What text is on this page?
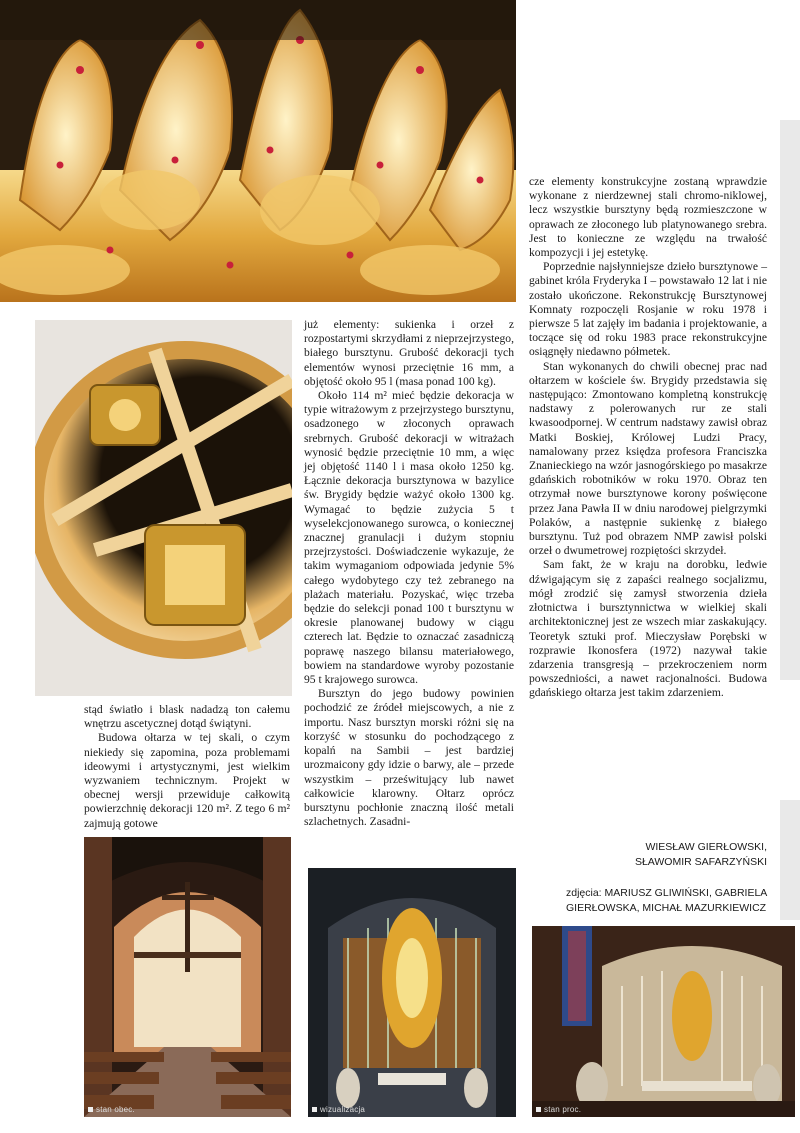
już elementy: sukienka i orzeł z rozpostartymi skrzydłami z nieprzejrzystego, białego bursztynu. Grubość dekoracji tych elementów wynosi przeciętnie 16 mm, a objętość około 95 l (masa ponad 100 kg).

Około 114 m² mieć będzie dekoracja w typie witrażowym z przejrzystego bursztynu, osadzonego w złoconych oprawach srebrnych. Grubość dekoracji w witrażach wynosić będzie przeciętnie 10 mm, a więc jej objętość 1140 l i masa około 1250 kg. Łącznie dekoracja bursztynowa w bazylice św. Brygidy będzie ważyć około 1300 kg. Wymagać to będzie zużycia 5 t wyselekcjonowanego surowca, o koniecznej znacznej granulacji i dużym stopniu przejrzystości. Doświadczenie wykazuje, że takim wymaganiom odpowiada jedynie 5% całego wydobytego czy też zebranego na plażach materiału. Pozyskać, więc trzeba będzie do selekcji ponad 100 t bursztynu w okresie planowanej budowy w ciągu czterech lat. Będzie to oznaczać zasadniczą poprawę naszego bilansu materiałowego, bowiem na standardowe wyroby pozostanie 95 t krajowego surowca.

Bursztyn do jego budowy powinien pochodzić ze źródeł miejscowych, a nie z importu. Nasz bursztyn morski różni się na korzyść w stosunku do pochodzącego z kopalń na Sambii – jest bardziej urozmaicony gdy idzie o barwy, ale – przede wszystkim – prześwitujący lub nawet całkowicie klarowny. Ołtarz oprócz bursztynu pochłonie znaczną ilość metali szlachetnych. Zasadni-

stąd światło i blask nadadzą ton całemu wnętrzu ascetycznej dotąd świątyni.

Budowa ołtarza w tej skali, o czym niekiedy się zapomina, poza problemami ideowymi i artystycznymi, jest wielkim wyzwaniem technicznym. Projekt w obecnej wersji przewiduje całkowitą powierzchnię dekoracji 120 m². Z tego 6 m² zajmują gotowe

cze elementy konstrukcyjne zostaną wprawdzie wykonane z nierdzewnej stali chromo-niklowej, lecz wszystkie bursztyny będą rozmieszczone w oprawach ze złoconego lub platynowanego srebra. Jest to konieczne ze względu na trwałość kompozycji i jej estetykę.

Poprzednie najsłynniejsze dzieło bursztynowe – gabinet króla Fryderyka I – powstawało 12 lat i nie zostało ukończone. Rekonstrukcję Bursztynowej Komnaty rozpoczęli Rosjanie w roku 1978 i pierwsze 5 lat zajęły im badania i projektowanie, a toczące się od roku 1983 prace rekonstrukcyjne osiągnęły niedawno półmetek.

Stan wykonanych do chwili obecnej prac nad ołtarzem w kościele św. Brygidy przedstawia się następująco: Zmontowano kompletną konstrukcję nadstawy z polerowanych rur ze stali kwasoodpornej. W centrum nadstawy zawisł obraz Matki Boskiej, Królowej Ludzi Pracy, namalowany przez księdza profesora Franciszka Znanieckiego na wzór jasnogórskiego po masakrze gdańskich robotników w roku 1970. Obraz ten otrzymał nowe bursztynowe korony poświęcone przez Jana Pawła II w dniu narodowej pielgrzymki Polaków, a następnie sukienkę z białego bursztynu. Tuż pod obrazem NMP zawisł polski orzeł o dwumetrowej rozpiętości skrzydeł.

Sam fakt, że w kraju na dorobku, ledwie dźwigającym się z zapaści realnego socjalizmu, mógł zrodzić się zamysł stworzenia dzieła złotnictwa i bursztynnictwa w wielkiej skali architektonicznej jest ze wszech miar zaskakujący. Teoretyk sztuki prof. Mieczysław Porębski w rozprawie Ikonosfera (1972) nazywał takie zdarzenia transgresją – przekroczeniem norm powszedniości, a nawet racjonalności. Budowa gdańskiego ołtarza jest takim zdarzeniem.

WIESŁAW GIERŁOWSKI,
SŁAWOMIR SAFARZYŃSKI
zdjęcia: MARIUSZ GLIWIŃSKI, GABRIELA
GIERŁOWSKA, MICHAŁ MAZURKIEWICZ
stan obec.	wizualizacja	stan proc.
